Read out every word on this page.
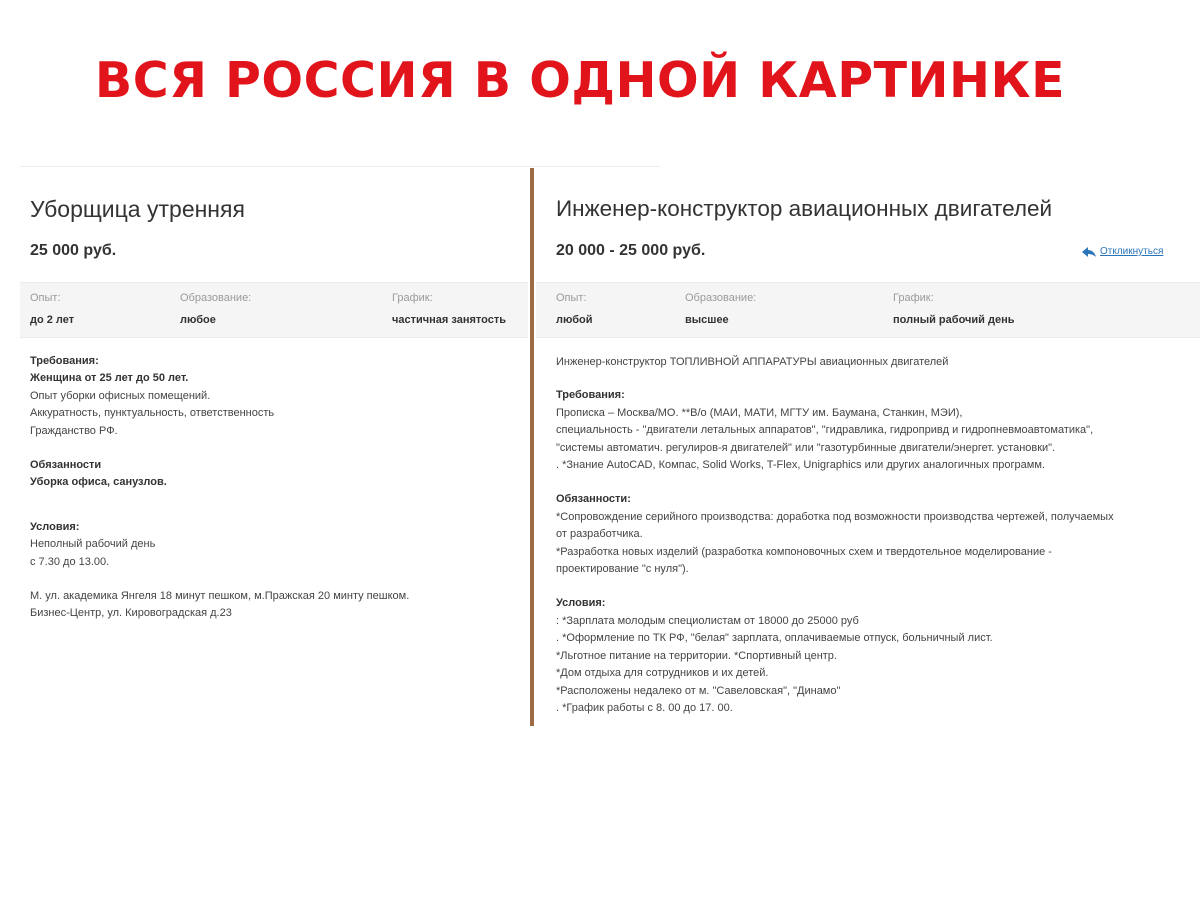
ВСЯ РОССИЯ В ОДНОЙ КАРТИНКЕ
Уборщица утренняя
25 000 руб.
Опыт:
до 2 лет
Образование:
любое
График:
частичная занятость
Требования:
Женщина от 25 лет до 50 лет.
Опыт уборки офисных помещений.
Аккуратность, пунктуальность, ответственность
Гражданство РФ.
Обязанности
Уборка офиса, санузлов.
Условия:
Неполный рабочий день
с 7.30 до 13.00.
М. ул. академика Янгеля 18 минут пешком, м.Пражская 20 минту пешком.
Бизнес-Центр, ул. Кировоградская д.23
Инженер-конструктор авиационных двигателей
20 000 - 25 000 руб.	Откликнуться
Опыт:
любой
Образование:
высшее
График:
полный рабочий день
Инженер-конструктор ТОПЛИВНОЙ АППАРАТУРЫ авиационных двигателей
Требования:
Прописка – Москва/МО. **В/о (МАИ, МАТИ, МГТУ им. Баумана, Станкин, МЭИ),
специальность - "двигатели летальных аппаратов", "гидравлика, гидропривд и гидропневмоавтоматика",
"системы автоматич. регулиров-я двигателей" или "газотурбинные двигатели/энергет. установки".
. *Знание AutoCAD, Компас, Solid Works, T-Flex, Unigraphics или других аналогичных программ.
Обязанности:
*Сопровождение серийного производства: доработка под возможности производства чертежей, получаемых
от разработчика.
*Разработка новых изделий (разработка компоновочных схем и твердотельное моделирование -
проектирование "с нуля").
Условия:
: *Зарплата молодым специолистам от 18000 до 25000 руб
. *Оформление по ТК РФ, "белая" зарплата, оплачиваемые отпуск, больничный лист.
*Льготное питание на территории. *Спортивный центр.
*Дом отдыха для сотрудников и их детей.
*Расположены недалеко от м. "Савеловская", "Динамо"
. *График работы с 8. 00 до 17. 00.
